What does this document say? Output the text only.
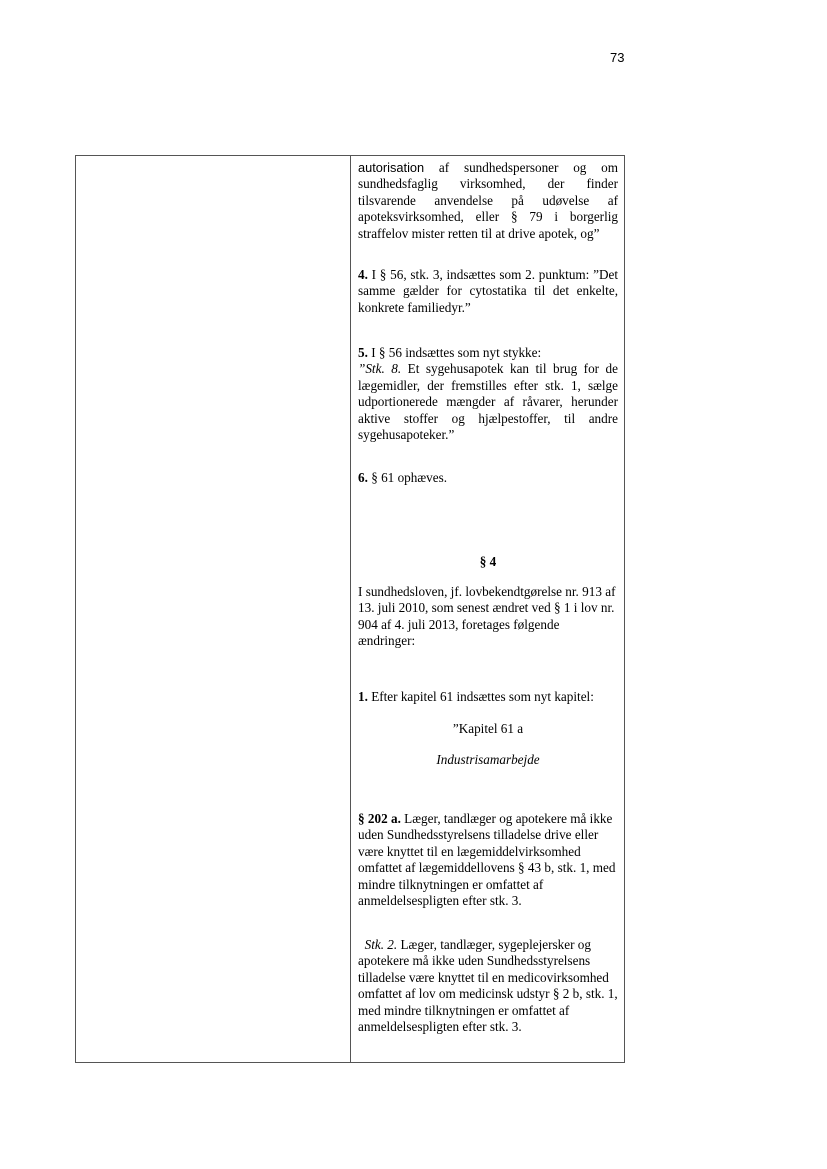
73

autorisation af sundhedspersoner og om sundhedsfaglig virksomhed, der finder tilsvarende anvendelse på udøvelse af apoteksvirksomhed, eller § 79 i borgerlig straffelov mister retten til at drive apotek, og”

4. I § 56, stk. 3, indsættes som 2. punktum: ”Det samme gælder for cytostatika til det enkelte, konkrete familiedyr.”

5. I § 56 indsættes som nyt stykke:

”Stk. 8. Et sygehusapotek kan til brug for de lægemidler, der fremstilles efter stk. 1, sælge udportionerede mængder af råvarer, herunder aktive stoffer og hjælpestoffer, til andre sygehusapoteker.”

6. § 61 ophæves.

§ 4

I sundhedsloven, jf. lovbekendtgørelse nr. 913 af 13. juli 2010, som senest ændret ved § 1 i lov nr. 904 af 4. juli 2013, foretages følgende ændringer:

1. Efter kapitel 61 indsættes som nyt kapitel:

”Kapitel 61 a

Industrisamarbejde

§ 202 a. Læger, tandlæger og apotekere må ikke uden Sundhedsstyrelsens tilladelse drive eller være knyttet til en lægemiddelvirksomhed omfattet af lægemiddellovens § 43 b, stk. 1, med mindre tilknytningen er omfattet af anmeldelsespligten efter stk. 3.

Stk. 2. Læger, tandlæger, sygeplejersker og apotekere må ikke uden Sundhedsstyrelsens tilladelse være knyttet til en medicovirksomhed omfattet af lov om medicinsk udstyr § 2 b, stk. 1, med mindre tilknytningen er omfattet af anmeldelsespligten efter stk. 3.
